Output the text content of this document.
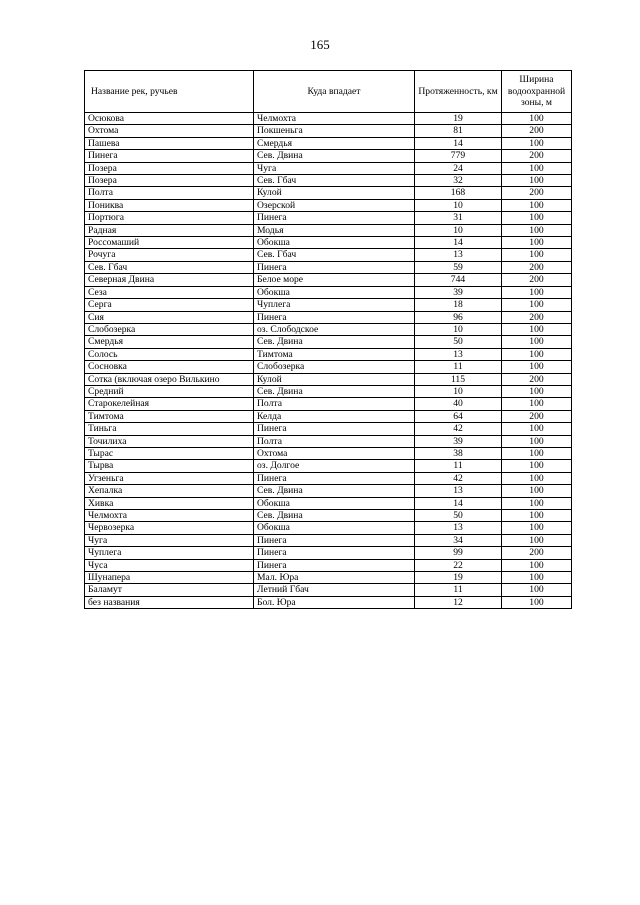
165
Название рек, ручьев	Куда впадает	Протяженность, км	Ширина водоохранной зоны, м
Осюкова	Челмохта	19	100
Охтома	Покшеньга	81	200
Пашева	Смердья	14	100
Пинега	Сев. Двина	779	200
Позера	Чуга	24	100
Позера	Сев. Гбач	32	100
Полта	Кулой	168	200
Пониква	Озерской	10	100
Портюга	Пинега	31	100
Радная	Модья	10	100
Россомаший	Обокша	14	100
Рочуга	Сев. Гбач	13	100
Сев. Гбач	Пинега	59	200
Северная Двина	Белое море	744	200
Сеза	Обокша	39	100
Серга	Чуплега	18	100
Сия	Пинега	96	200
Слобозерка	оз. Слободское	10	100
Смердья	Сев. Двина	50	100
Солось	Тимтома	13	100
Сосновка	Слобозерка	11	100
Сотка (включая озеро Вилькино	Кулой	115	200
Средний	Сев. Двина	10	100
Старокелейная	Полта	40	100
Тимтома	Келда	64	200
Тиньга	Пинега	42	100
Точилиха	Полта	39	100
Тырас	Охтома	38	100
Тырва	оз. Долгое	11	100
Угзеньга	Пинега	42	100
Хепалка	Сев. Двина	13	100
Хивка	Обокша	14	100
Челмохта	Сев. Двина	50	100
Червозерка	Обокша	13	100
Чуга	Пинега	34	100
Чуплега	Пинега	99	200
Чуса	Пинега	22	100
Шунапера	Мал. Юра	19	100
Баламут	Летний Гбач	11	100
без названия	Бол. Юра	12	100
